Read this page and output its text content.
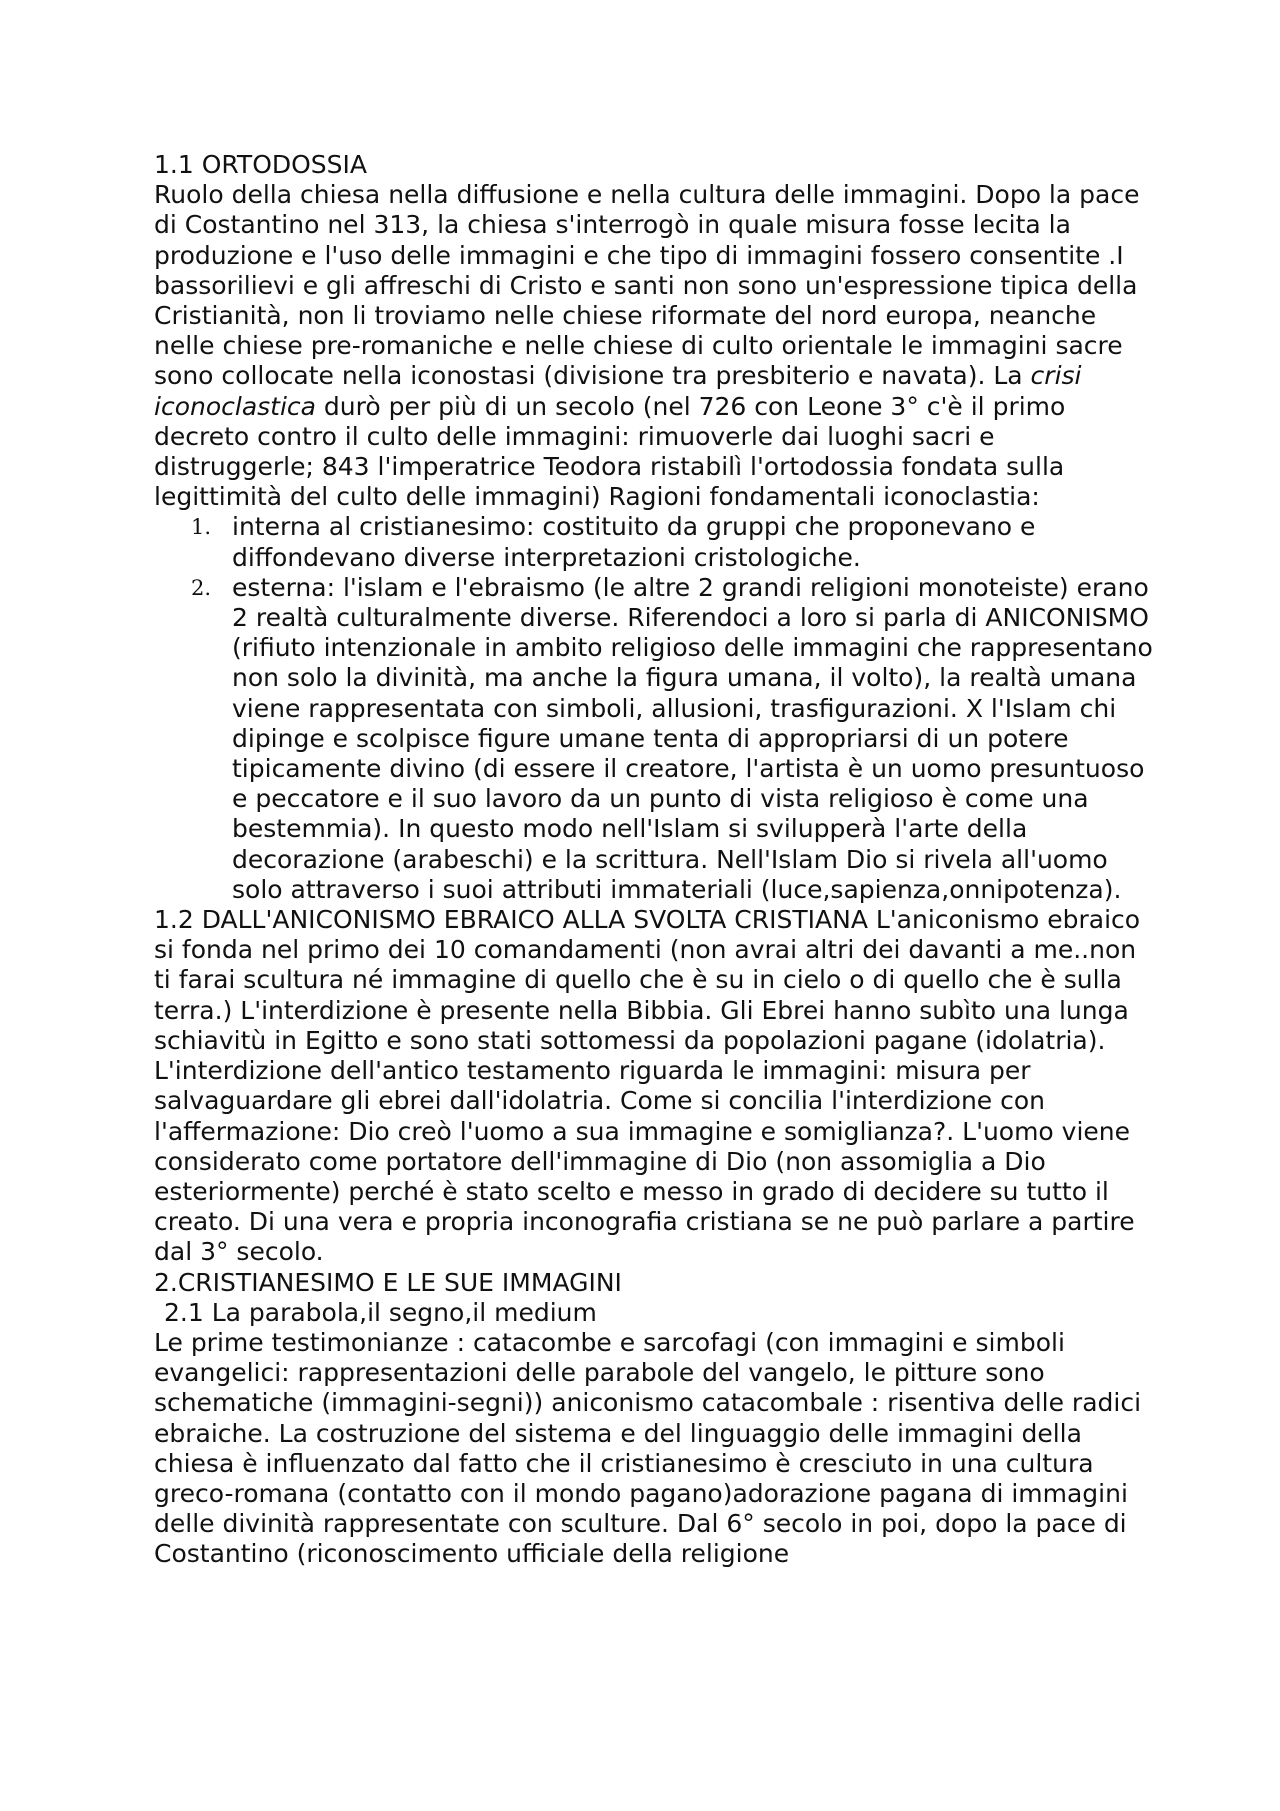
1.1 ORTODOSSIA

Ruolo della chiesa nella diffusione e nella cultura delle immagini. Dopo la pace di Costantino nel 313, la chiesa s'interrogò in quale misura fosse lecita la produzione e l'uso delle immagini e che tipo di immagini fossero consentite .I bassorilievi e gli affreschi di Cristo e santi non sono un'espressione tipica della Cristianità, non li troviamo nelle chiese riformate del nord europa, neanche nelle chiese pre-romaniche e nelle chiese di culto orientale le immagini sacre sono collocate nella iconostasi (divisione tra presbiterio e navata). La crisi iconoclastica durò per più di un secolo (nel 726 con Leone 3° c'è il primo decreto contro il culto delle immagini: rimuoverle dai luoghi sacri e distruggerle; 843 l'imperatrice Teodora ristabilì l'ortodossia fondata sulla legittimità del culto delle immagini) Ragioni fondamentali iconoclastia:

1. interna al cristianesimo: costituito da gruppi che proponevano e diffondevano diverse interpretazioni cristologiche.
2. esterna: l'islam e l'ebraismo (le altre 2 grandi religioni monoteiste) erano 2 realtà culturalmente diverse. Riferendoci a loro si parla di ANICONISMO (rifiuto intenzionale in ambito religioso delle immagini che rappresentano non solo la divinità, ma anche la figura umana, il volto), la realtà umana viene rappresentata con simboli, allusioni, trasfigurazioni. X l'Islam chi dipinge e scolpisce figure umane tenta di appropriarsi di un potere tipicamente divino (di essere il creatore, l'artista è un uomo presuntuoso e peccatore e il suo lavoro da un punto di vista religioso è come una bestemmia). In questo modo nell'Islam si svilupperà l'arte della decorazione (arabeschi) e la scrittura. Nell'Islam Dio si rivela all'uomo solo attraverso i suoi attributi immateriali (luce,sapienza,onnipotenza).

1.2 DALL'ANICONISMO EBRAICO ALLA SVOLTA CRISTIANA L'aniconismo ebraico si fonda nel primo dei 10 comandamenti (non avrai altri dei davanti a me..non ti farai scultura né immagine di quello che è su in cielo o di quello che è sulla terra.) L'interdizione è presente nella Bibbia. Gli Ebrei hanno subìto una lunga schiavitù in Egitto e sono stati sottomessi da popolazioni pagane (idolatria). L'interdizione dell'antico testamento riguarda le immagini: misura per salvaguardare gli ebrei dall'idolatria. Come si concilia l'interdizione con l'affermazione: Dio creò l'uomo a sua immagine e somiglianza?. L'uomo viene considerato come portatore dell'immagine di Dio (non assomiglia a Dio esteriormente) perché è stato scelto e messo in grado di decidere su tutto il creato. Di una vera e propria inconografia cristiana se ne può parlare a partire dal 3° secolo.

2.CRISTIANESIMO E LE SUE IMMAGINI

2.1 La parabola,il segno,il medium

Le prime testimonianze : catacombe e sarcofagi (con immagini e simboli evangelici: rappresentazioni delle parabole del vangelo, le pitture sono schematiche (immagini-segni)) aniconismo catacombale : risentiva delle radici ebraiche. La costruzione del sistema e del linguaggio delle immagini della chiesa è influenzato dal fatto che il cristianesimo è cresciuto in una cultura greco-romana (contatto con il mondo pagano)adorazione pagana di immagini delle divinità rappresentate con sculture. Dal 6° secolo in poi, dopo la pace di Costantino (riconoscimento ufficiale della religione
